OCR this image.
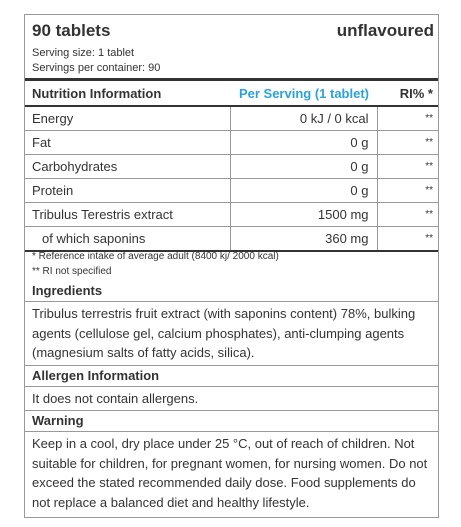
90 tablets	unflavoured
Serving size: 1 tablet
Servings per container: 90
Nutrition Information	Per Serving (1 tablet)	RI% *
Energy	0 kJ / 0 kcal	**
Fat	0 g	**
Carbohydrates	0 g	**
Protein	0 g	**
Tribulus Terestris extract	1500 mg	**
of which saponins	360 mg	**
* Reference intake of average adult (8400 kj/ 2000 kcal)
** RI not specified
Ingredients
Tribulus terrestris fruit extract (with saponins content) 78%, bulking agents (cellulose gel, calcium phosphates), anti-clumping agents (magnesium salts of fatty acids, silica).
Allergen Information
It does not contain allergens.
Warning
Keep in a cool, dry place under 25 °C, out of reach of children. Not suitable for children, for pregnant women, for nursing women. Do not exceed the stated recommended daily dose. Food supplements do not replace a balanced diet and healthy lifestyle.
